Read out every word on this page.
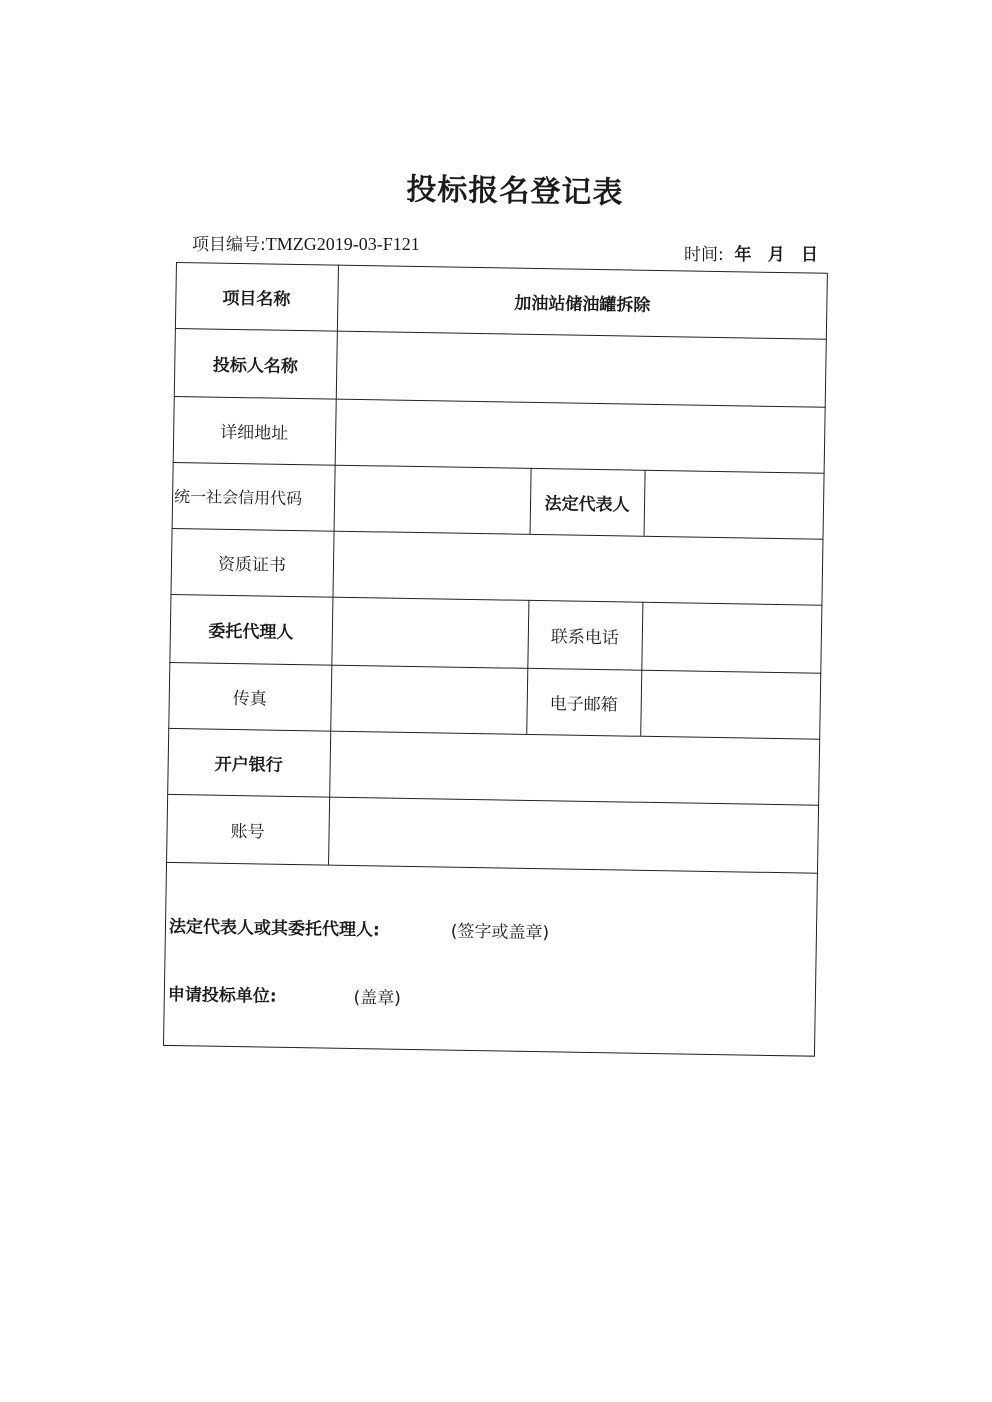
投标报名登记表
项目编号:TMZG2019-03-F121
时间: 年 月 日
项目名称	加油站储油罐拆除
投标人名称
详细地址
统一社会信用代码	法定代表人
资质证书
委托代理人	联系电话
传真	电子邮箱
开户银行
账号
法定代表人或其委托代理人:	(签字或盖章)
申请投标单位:	(盖章)
